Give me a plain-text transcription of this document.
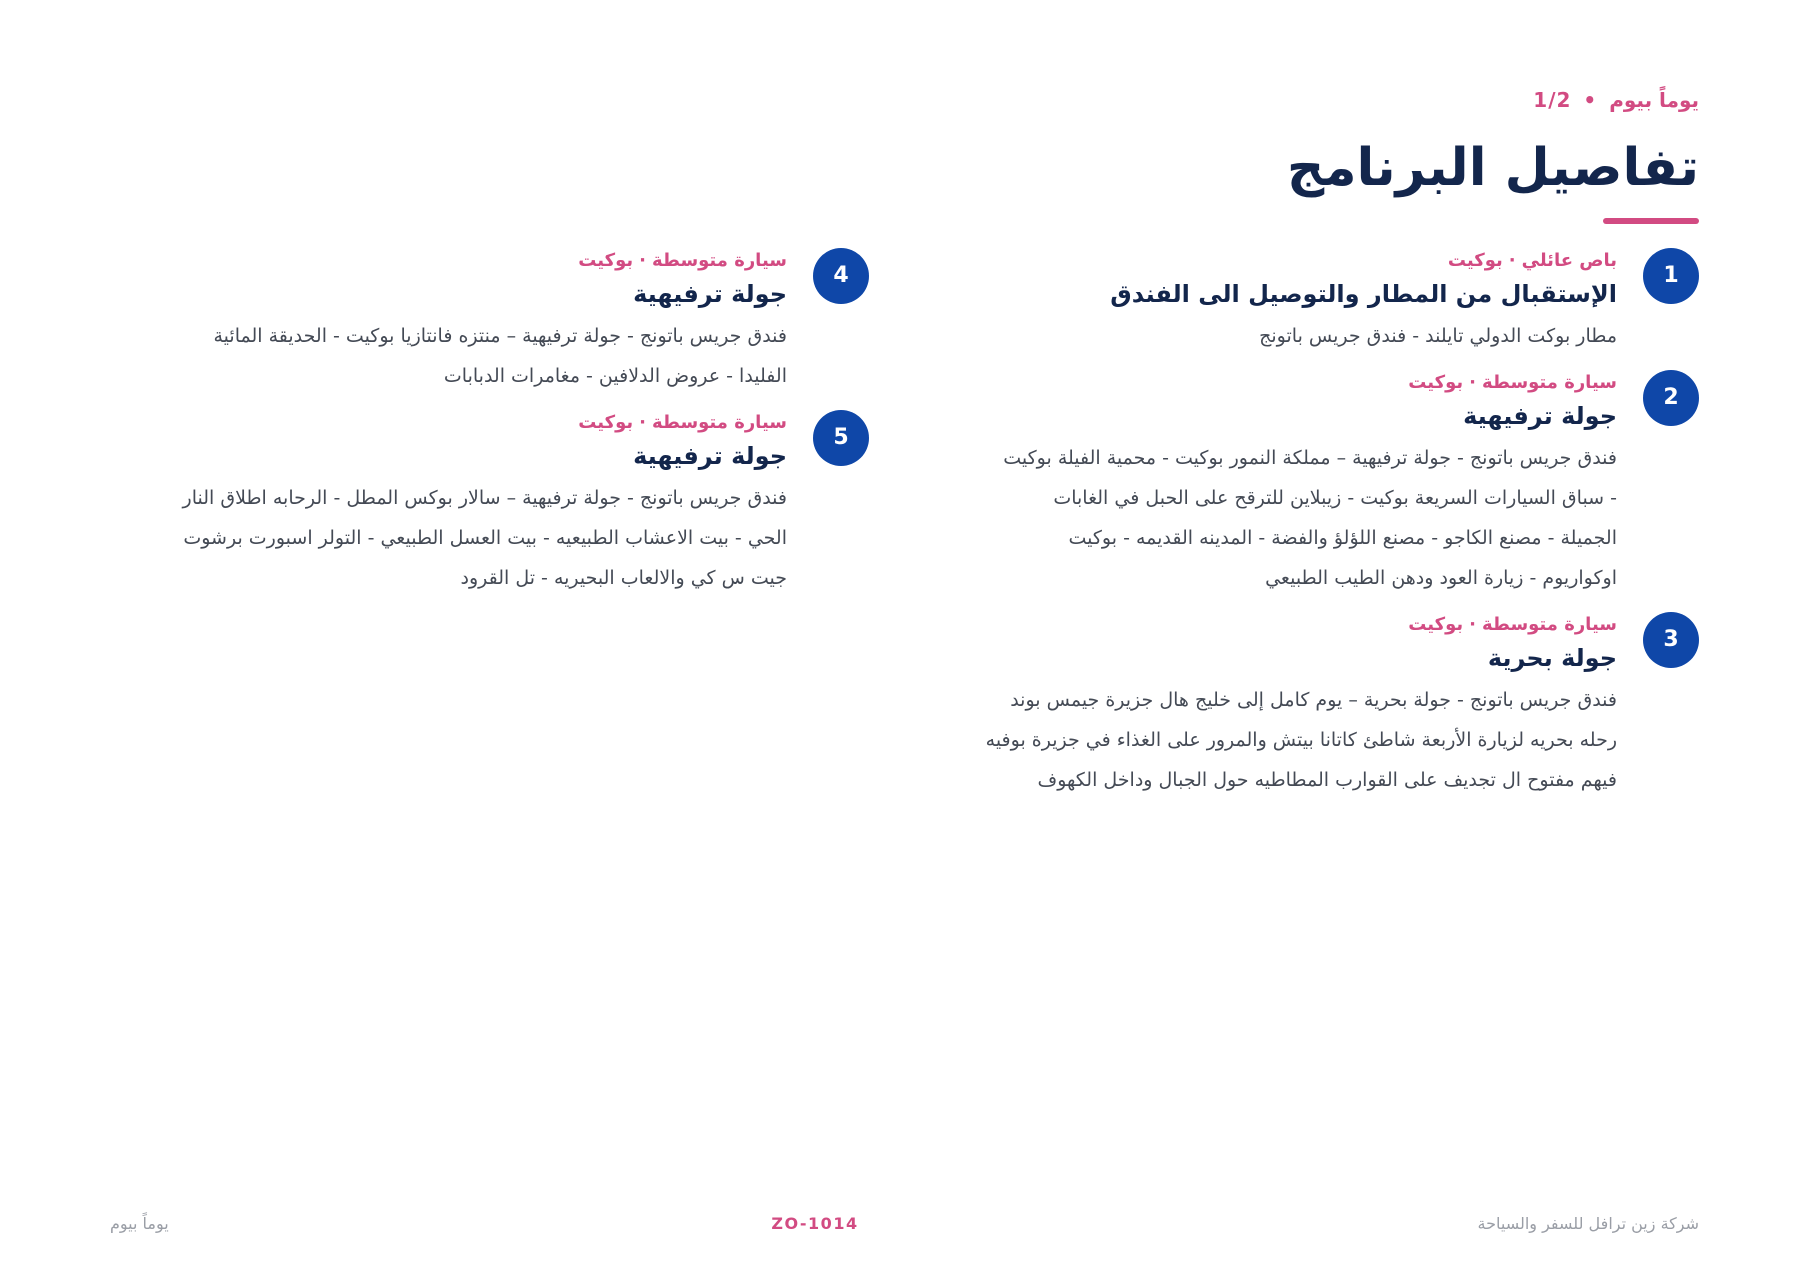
يوماً بيوم•1/2
تفاصيل البرنامج
1
باص عائلي·بوكيت
الإستقبال من المطار والتوصيل الى الفندق
مطار بوكت الدولي تايلند - فندق جريس باتونج
2
سيارة متوسطة·بوكيت
جولة ترفيهية
فندق جريس باتونج - جولة ترفيهية – مملكة النمور بوكيت - محمية الفيلة بوكيت
- سباق السيارات السريعة بوكيت - زيبلاين للترقح على الحبل في الغابات
الجميلة - مصنع الكاجو - مصنع اللؤلؤ والفضة - المدينه القديمه - بوكيت
اوكواريوم - زيارة العود ودهن الطيب الطبيعي
3
سيارة متوسطة·بوكيت
جولة بحرية
فندق جريس باتونج - جولة بحرية – يوم كامل إلى خليج هال جزيرة جيمس بوند
رحله بحريه لزيارة الأربعة شاطئ كاتانا بيتش والمرور على الغذاء في جزيرة بوفيه
فيهم مفتوح ال تجديف على القوارب المطاطيه حول الجبال وداخل الكهوف
4
سيارة متوسطة·بوكيت
جولة ترفيهية
فندق جريس باتونج - جولة ترفيهية – منتزه فانتازيا بوكيت - الحديقة المائية
الفليدا - عروض الدلافين - مغامرات الدبابات
5
سيارة متوسطة·بوكيت
جولة ترفيهية
فندق جريس باتونج - جولة ترفيهية – سالار بوكس المطل - الرحابه اطلاق النار
الحي - بيت الاعشاب الطبيعيه - بيت العسل الطبيعي - التولر اسبورت برشوت
جيت س كي والالعاب البحيريه - تل القرود
شركة زين ترافل للسفر والسياحة
ZO-1014
يوماً بيوم
